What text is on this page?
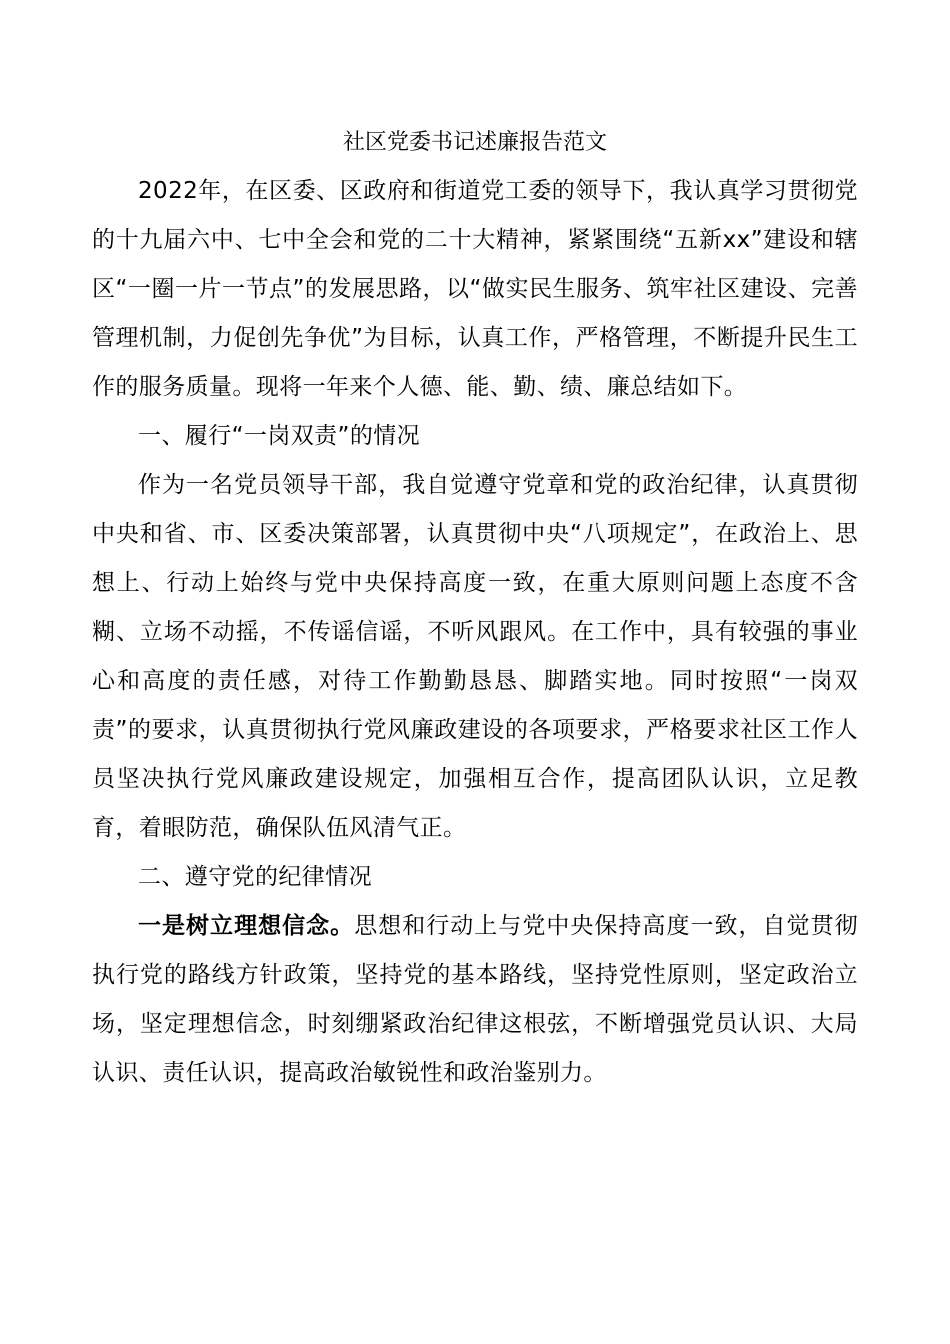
社区党委书记述廉报告范文

2022年，在区委、区政府和街道党工委的领导下，我认真学习贯彻党的十九届六中、七中全会和党的二十大精神，紧紧围绕“五新xx”建设和辖区“一圈一片一节点”的发展思路，以“做实民生服务、筑牢社区建设、完善管理机制，力促创先争优”为目标，认真工作，严格管理，不断提升民生工作的服务质量。现将一年来个人德、能、勤、绩、廉总结如下。

一、履行“一岗双责”的情况

作为一名党员领导干部，我自觉遵守党章和党的政治纪律，认真贯彻中央和省、市、区委决策部署，认真贯彻中央“八项规定”，在政治上、思想上、行动上始终与党中央保持高度一致，在重大原则问题上态度不含糊、立场不动摇，不传谣信谣，不听风跟风。在工作中，具有较强的事业心和高度的责任感，对待工作勤勤恳恳、脚踏实地。同时按照“一岗双责”的要求，认真贯彻执行党风廉政建设的各项要求，严格要求社区工作人员坚决执行党风廉政建设规定，加强相互合作，提高团队认识，立足教育，着眼防范，确保队伍风清气正。

二、遵守党的纪律情况

一是树立理想信念。思想和行动上与党中央保持高度一致，自觉贯彻执行党的路线方针政策，坚持党的基本路线，坚持党性原则，坚定政治立场，坚定理想信念，时刻绷紧政治纪律这根弦，不断增强党员认识、大局认识、责任认识，提高政治敏锐性和政治鉴别力。
